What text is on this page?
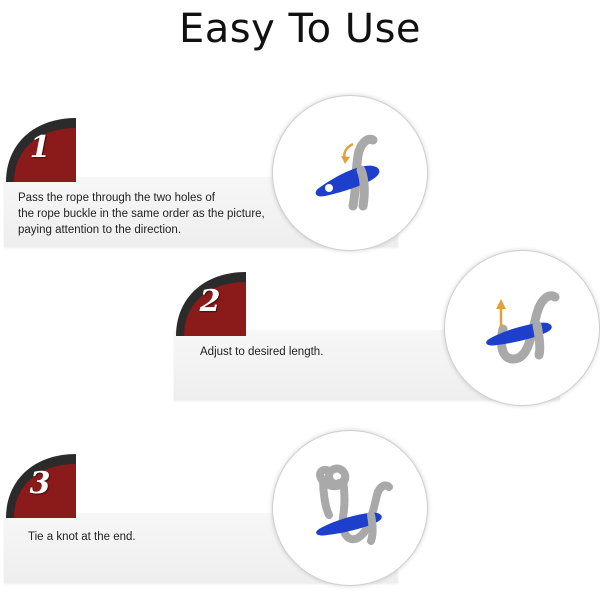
Easy To Use
Pass the rope through the two holes of
the rope buckle in the same order as the picture,
paying attention to the direction.
1
Adjust to desired length.
2
Tie a knot at the end.
3
